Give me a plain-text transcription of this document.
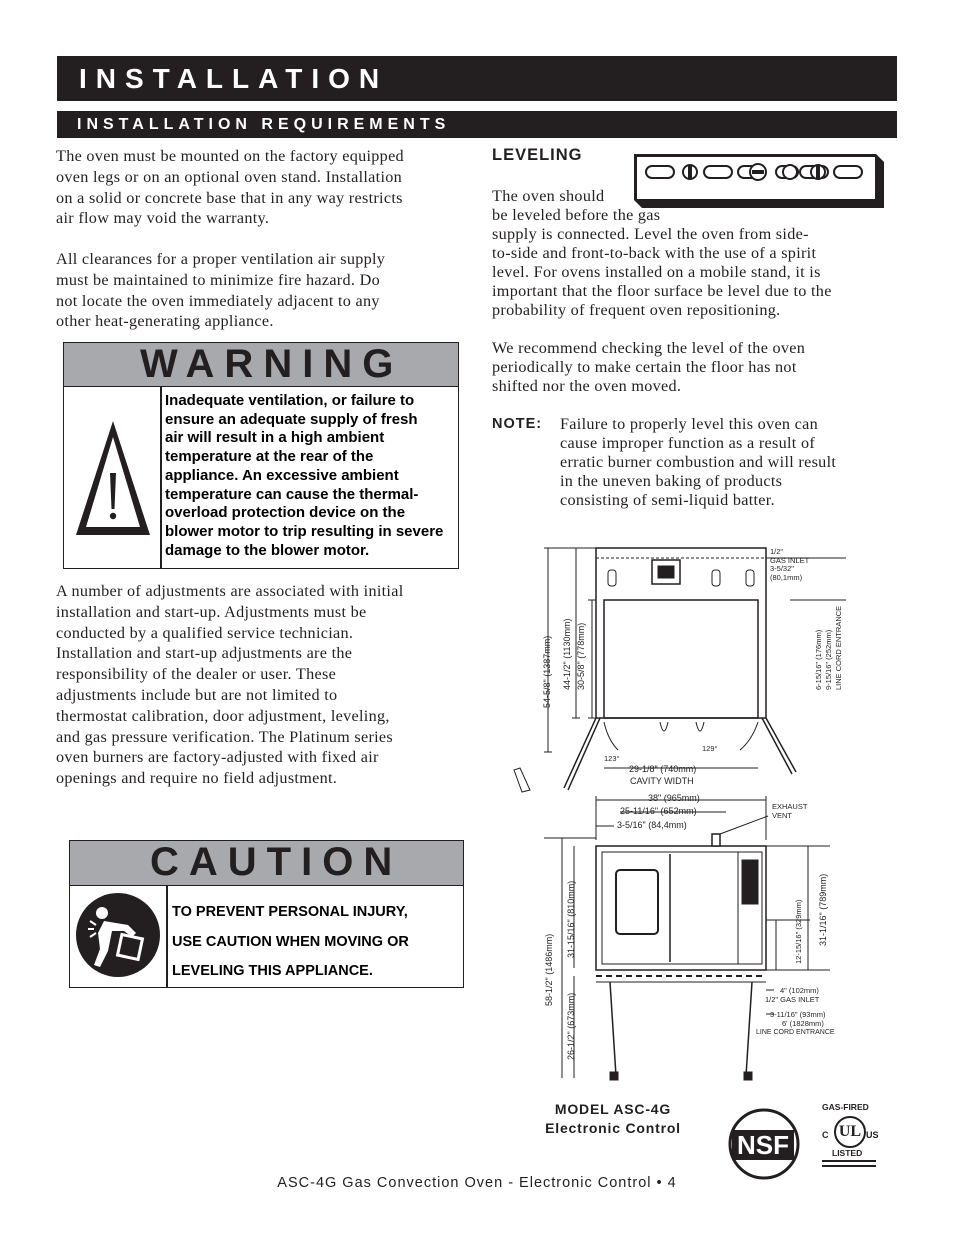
INSTALLATION
INSTALLATION REQUIREMENTS
The oven must be mounted on the factory equipped
oven legs or on an optional oven stand. Installation
on a solid or concrete base that in any way restricts
air flow may void the warranty.
All clearances for a proper ventilation air supply
must be maintained to minimize fire hazard. Do
not locate the oven immediately adjacent to any
other heat-generating appliance.
WARNING
Inadequate ventilation, or failure to
ensure an adequate supply of fresh
air will result in a high ambient
temperature at the rear of the
appliance. An excessive ambient
temperature can cause the thermal-
overload protection device on the
blower motor to trip resulting in severe
damage to the blower motor.
A number of adjustments are associated with initial
installation and start-up. Adjustments must be
conducted by a qualified service technician.
Installation and start-up adjustments are the
responsibility of the dealer or user. These
adjustments include but are not limited to
thermostat calibration, door adjustment, leveling,
and gas pressure verification. The Platinum series
oven burners are factory-adjusted with fixed air
openings and require no field adjustment.
CAUTION
TO PREVENT PERSONAL INJURY,
USE CAUTION WHEN MOVING OR
LEVELING THIS APPLIANCE.
LEVELING
The oven should
be leveled before the gas
supply is connected. Level the oven from side-
to-side and front-to-back with the use of a spirit
level. For ovens installed on a mobile stand, it is
important that the floor surface be level due to the
probability of frequent oven repositioning.
We recommend checking the level of the oven
periodically to make certain the floor has not
shifted nor the oven moved.
NOTE: Failure to properly level this oven can
cause improper function as a result of
erratic burner combustion and will result
in the uneven baking of products
consisting of semi-liquid batter.
1/2"
GAS INLET
3-5/32"
(80,1mm)
6-15/16" (176mm) 9-15/16" (252mm) LINE CORD ENTRANCE
54-5/8" (1387mm) 44-1/2" (1130mm) 30-5/8" (778mm)
123°
129°
29-1/8" (740mm)
CAVITY WIDTH
38" (965mm)
25-11/16" (652mm)
3-5/16" (84,4mm)
EXHAUST
VENT
58-1/2" (1486mm)
31-15/16" (810mm)
26-1/2" (673mm)
31-1/16" (789mm)
12-15/16" (329mm)
4" (102mm)
1/2" GAS INLET
3-11/16" (93mm)
6' (1828mm)
LINE CORD ENTRANCE
MODEL ASC-4G
Electronic Control
NSF
GAS-FIRED
C UL US
LISTED
ASC-4G Gas Convection Oven - Electronic Control • 4
